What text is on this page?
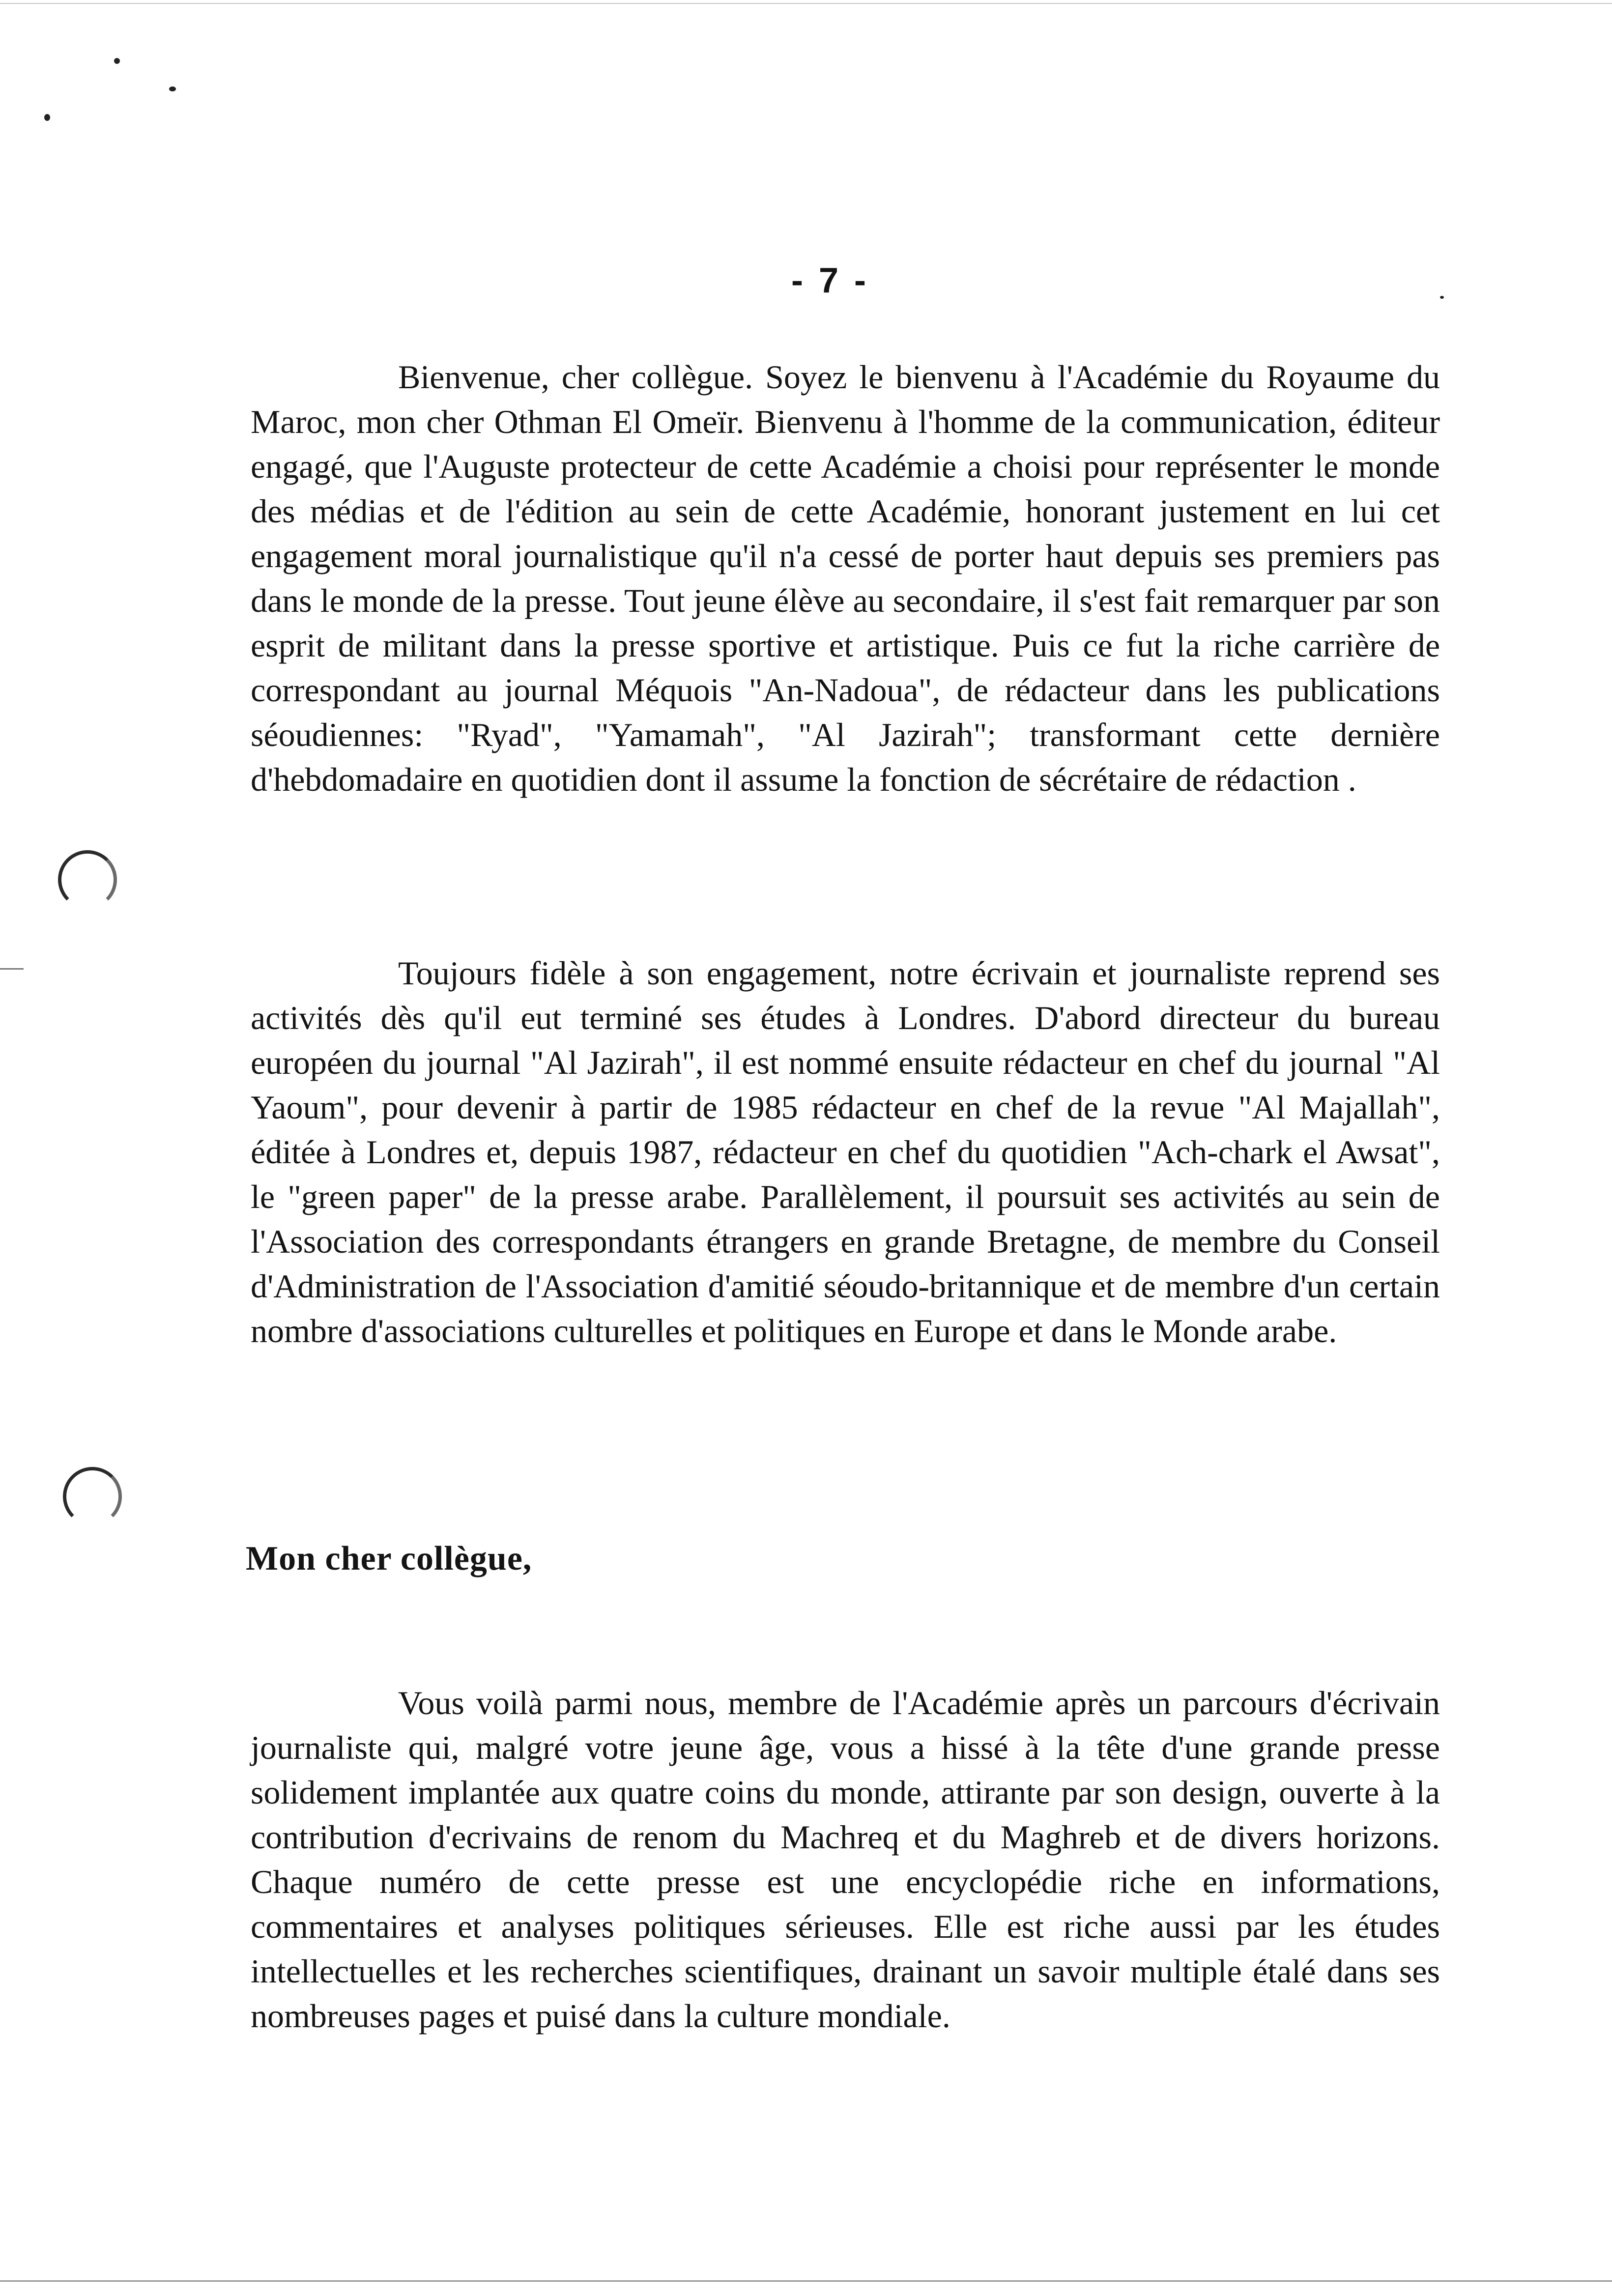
- 7 -

Bienvenue, cher collègue. Soyez le bienvenu à l'Académie du Royaume du Maroc, mon cher Othman El Omeïr. Bienvenu à l'homme de la communication, éditeur engagé, que l'Auguste protecteur de cette Académie a choisi pour représenter le monde des médias et de l'édition au sein de cette Académie, honorant justement en lui cet engagement moral journalistique qu'il n'a cessé de porter haut depuis ses premiers pas dans le monde de la presse. Tout jeune élève au secondaire, il s'est fait remarquer par son esprit de militant dans la presse sportive et artistique. Puis ce fut la riche carrière de correspondant au journal Méquois "An-Nadoua", de rédacteur dans les publications séoudiennes: "Ryad", "Yamamah", "Al Jazirah"; transformant cette dernière d'hebdomadaire en quotidien dont il assume la fonction de sécrétaire de rédaction .

Toujours fidèle à son engagement, notre écrivain et journaliste reprend ses activités dès qu'il eut terminé ses études à Londres. D'abord directeur du bureau européen du journal "Al Jazirah", il est nommé ensuite rédacteur en chef du journal "Al Yaoum", pour devenir à partir de 1985 rédacteur en chef de la revue "Al Majallah", éditée à Londres et, depuis 1987, rédacteur en chef du quotidien "Ach-chark el Awsat", le "green paper" de la presse arabe. Parallèlement, il poursuit ses activités au sein de l'Association des correspondants étrangers en grande Bretagne, de membre du Conseil d'Administration de l'Association d'amitié séoudo-britannique et de membre d'un certain nombre d'associations culturelles et politiques en Europe et dans le Monde arabe.

Mon cher collègue,

Vous voilà parmi nous, membre de l'Académie après un parcours d'écrivain journaliste qui, malgré votre jeune âge, vous a hissé à la tête d'une grande presse solidement implantée aux quatre coins du monde, attirante par son design, ouverte à la contribution d'ecrivains de renom du Machreq et du Maghreb et de divers horizons. Chaque numéro de cette presse est une encyclopédie riche en informations, commentaires et analyses politiques sérieuses. Elle est riche aussi par les études intellectuelles et les recherches scientifiques, drainant un savoir multiple étalé dans ses nombreuses pages et puisé dans la culture mondiale.
